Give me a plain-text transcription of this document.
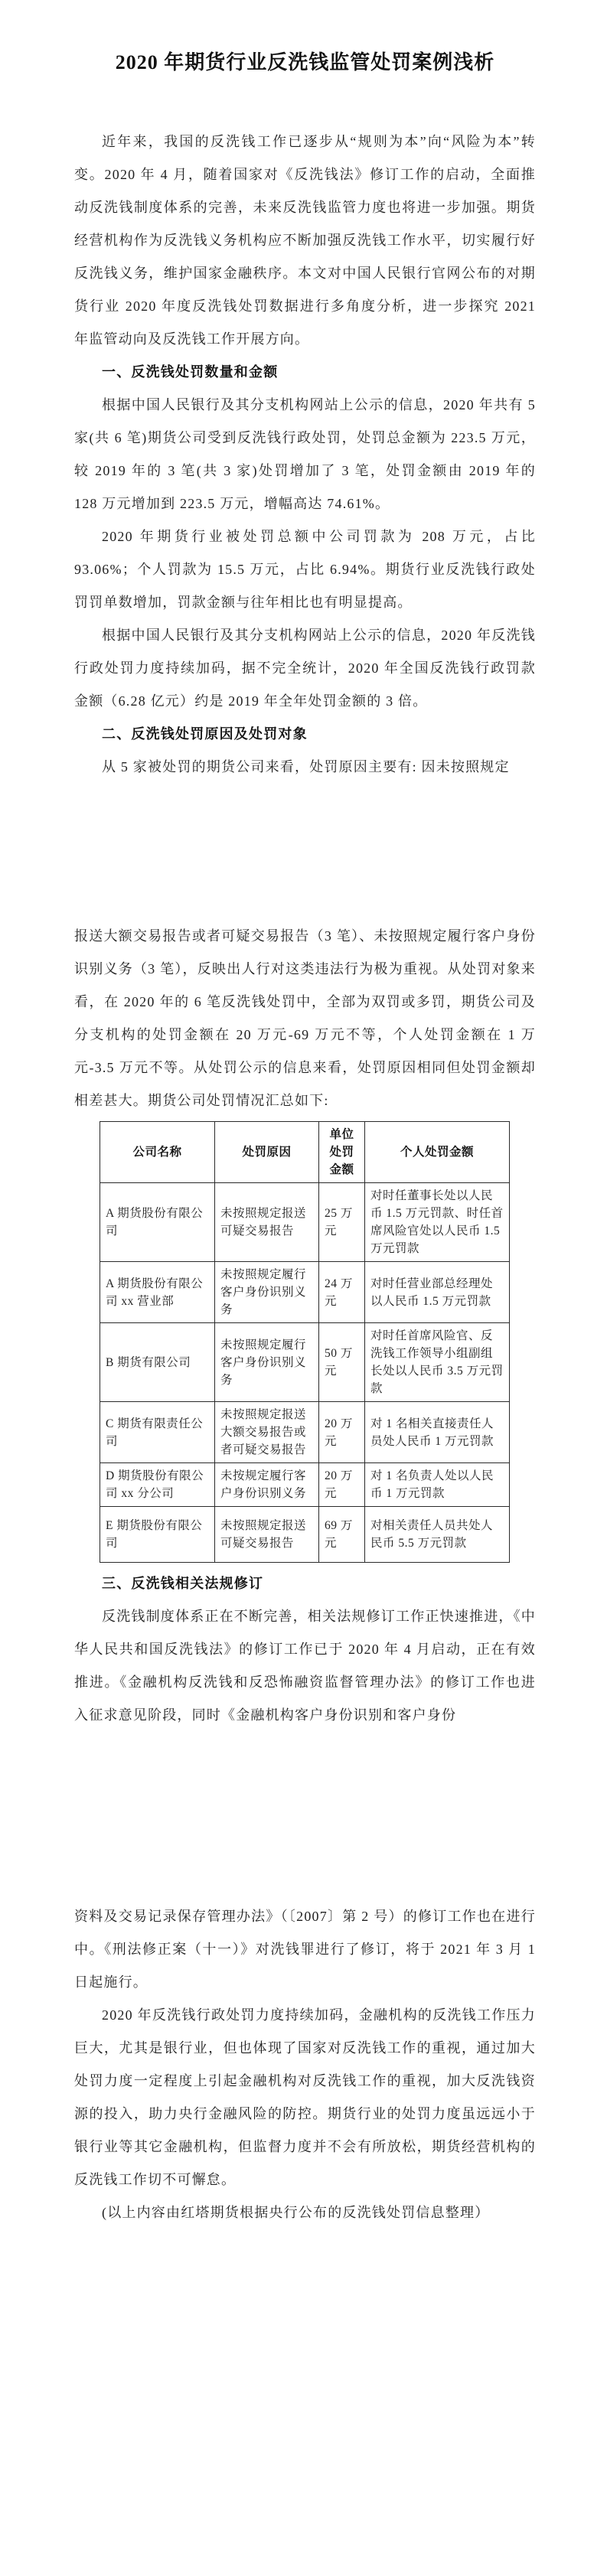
2020 年期货行业反洗钱监管处罚案例浅析

近年来，我国的反洗钱工作已逐步从“规则为本”向“风险为本”转变。2020 年 4 月，随着国家对《反洗钱法》修订工作的启动，全面推动反洗钱制度体系的完善，未来反洗钱监管力度也将进一步加强。期货经营机构作为反洗钱义务机构应不断加强反洗钱工作水平，切实履行好反洗钱义务，维护国家金融秩序。本文对中国人民银行官网公布的对期货行业 2020 年度反洗钱处罚数据进行多角度分析，进一步探究 2021 年监管动向及反洗钱工作开展方向。

一、反洗钱处罚数量和金额

根据中国人民银行及其分支机构网站上公示的信息，2020 年共有 5 家(共 6 笔)期货公司受到反洗钱行政处罚，处罚总金额为 223.5 万元，较 2019 年的 3 笔(共 3 家)处罚增加了 3 笔，处罚金额由 2019 年的 128 万元增加到 223.5 万元，增幅高达 74.61%。

2020 年期货行业被处罚总额中公司罚款为 208 万元，占比 93.06%；个人罚款为 15.5 万元，占比 6.94%。期货行业反洗钱行政处罚罚单数增加，罚款金额与往年相比也有明显提高。

根据中国人民银行及其分支机构网站上公示的信息，2020 年反洗钱行政处罚力度持续加码，据不完全统计，2020 年全国反洗钱行政罚款金额（6.28 亿元）约是 2019 年全年处罚金额的 3 倍。

二、反洗钱处罚原因及处罚对象

从 5 家被处罚的期货公司来看，处罚原因主要有: 因未按照规定

报送大额交易报告或者可疑交易报告（3 笔）、未按照规定履行客户身份识别义务（3 笔），反映出人行对这类违法行为极为重视。从处罚对象来看，在 2020 年的 6 笔反洗钱处罚中，全部为双罚或多罚，期货公司及分支机构的处罚金额在 20 万元-69 万元不等，个人处罚金额在 1 万元-3.5 万元不等。从处罚公示的信息来看，处罚原因相同但处罚金额却相差甚大。期货公司处罚情况汇总如下:

公司名称	处罚原因	单位处罚金额	个人处罚金额
A 期货股份有限公司	未按照规定报送可疑交易报告	25 万元	对时任董事长处以人民币 1.5 万元罚款、时任首席风险官处以人民币 1.5 万元罚款
A 期货股份有限公司 xx 营业部	未按照规定履行客户身份识别义务	24 万元	对时任营业部总经理处以人民币 1.5 万元罚款
B 期货有限公司	未按照规定履行客户身份识别义务	50 万元	对时任首席风险官、反洗钱工作领导小组副组长处以人民币 3.5 万元罚款
C 期货有限责任公司	未按照规定报送大额交易报告或者可疑交易报告	20 万元	对 1 名相关直接责任人员处人民币 1 万元罚款
D 期货股份有限公司 xx 分公司	未按规定履行客户身份识别义务	20 万元	对 1 名负责人处以人民币 1 万元罚款
E 期货股份有限公司	未按照规定报送可疑交易报告	69 万元	对相关责任人员共处人民币 5.5 万元罚款

三、反洗钱相关法规修订

反洗钱制度体系正在不断完善，相关法规修订工作正快速推进，《中华人民共和国反洗钱法》的修订工作已于 2020 年 4 月启动，正在有效推进。《金融机构反洗钱和反恐怖融资监督管理办法》的修订工作也进入征求意见阶段，同时《金融机构客户身份识别和客户身份

资料及交易记录保存管理办法》（〔2007〕第 2 号）的修订工作也在进行中。《刑法修正案（十一）》对洗钱罪进行了修订，将于 2021 年 3 月 1 日起施行。

2020 年反洗钱行政处罚力度持续加码，金融机构的反洗钱工作压力巨大，尤其是银行业，但也体现了国家对反洗钱工作的重视，通过加大处罚力度一定程度上引起金融机构对反洗钱工作的重视，加大反洗钱资源的投入，助力央行金融风险的防控。期货行业的处罚力度虽远远小于银行业等其它金融机构，但监督力度并不会有所放松，期货经营机构的反洗钱工作切不可懈怠。

(以上内容由红塔期货根据央行公布的反洗钱处罚信息整理）
